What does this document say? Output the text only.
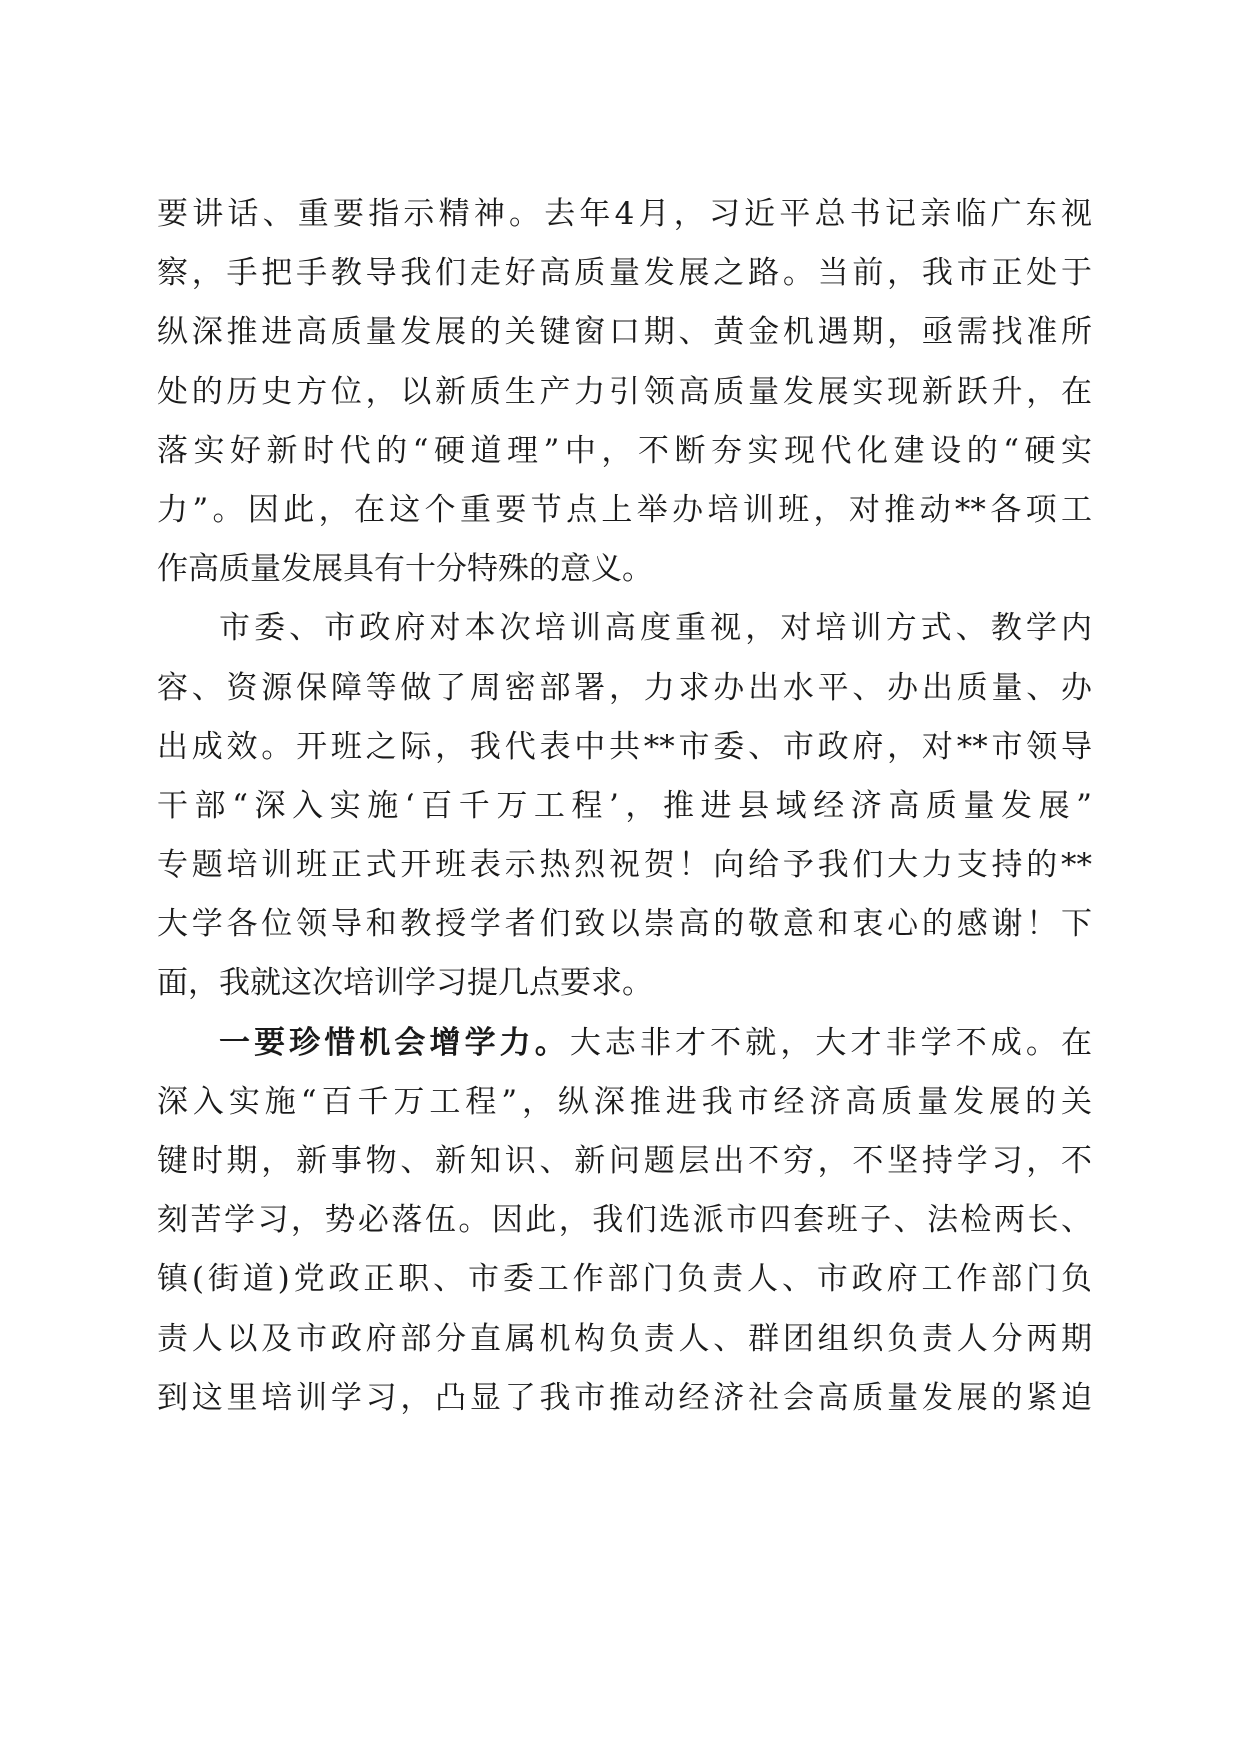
要讲话、重要指示精神。去年4月，习近平总书记亲临广东视
察，手把手教导我们走好高质量发展之路。当前，我市正处于
纵深推进高质量发展的关键窗口期、黄金机遇期，亟需找准所
处的历史方位，以新质生产力引领高质量发展实现新跃升，在
落实好新时代的“硬道理”中，不断夯实现代化建设的“硬实
力”。因此，在这个重要节点上举办培训班，对推动**各项工
作高质量发展具有十分特殊的意义。
市委、市政府对本次培训高度重视，对培训方式、教学内
容、资源保障等做了周密部署，力求办出水平、办出质量、办
出成效。开班之际，我代表中共**市委、市政府，对**市领导
干部“深入实施‘百千万工程’，推进县域经济高质量发展”
专题培训班正式开班表示热烈祝贺！向给予我们大力支持的**
大学各位领导和教授学者们致以崇高的敬意和衷心的感谢！下
面，我就这次培训学习提几点要求。
一要珍惜机会增学力。大志非才不就，大才非学不成。在
深入实施“百千万工程”，纵深推进我市经济高质量发展的关
键时期，新事物、新知识、新问题层出不穷，不坚持学习，不
刻苦学习，势必落伍。因此，我们选派市四套班子、法检两长、
镇(街道)党政正职、市委工作部门负责人、市政府工作部门负
责人以及市政府部分直属机构负责人、群团组织负责人分两期
到这里培训学习，凸显了我市推动经济社会高质量发展的紧迫
